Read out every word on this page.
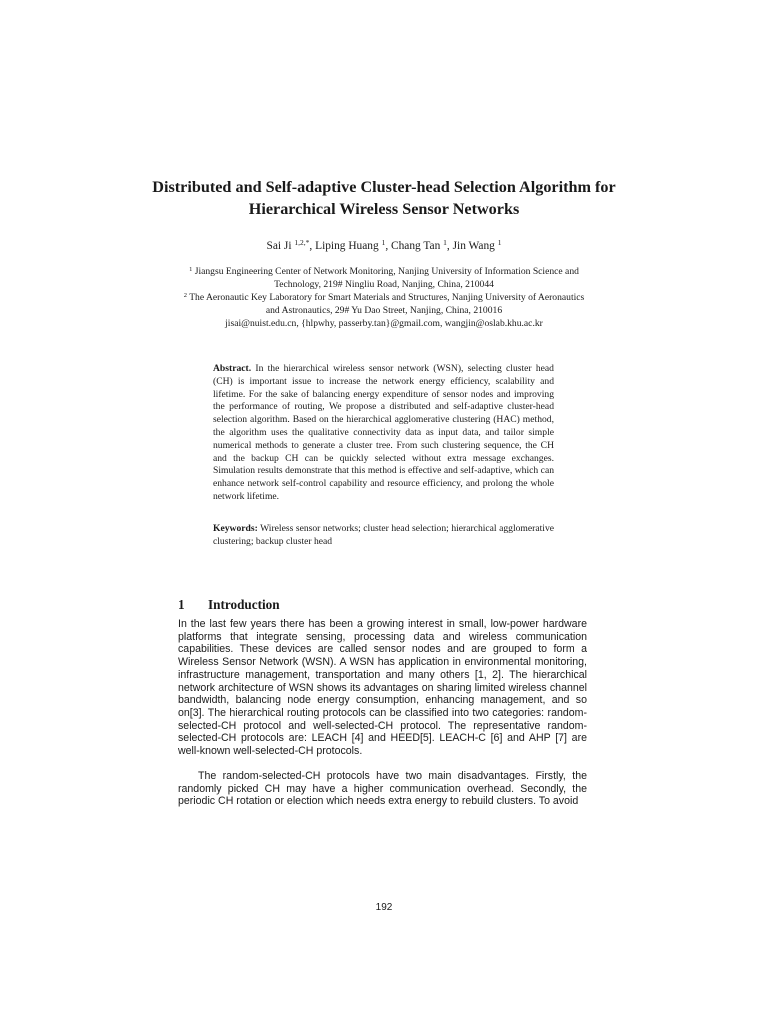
Distributed and Self-adaptive Cluster-head Selection Algorithm for Hierarchical Wireless Sensor Networks
Sai Ji $^{1,2,*}$, Liping Huang $^1$, Chang Tan $^1$, Jin Wang $^1$
$^1$ Jiangsu Engineering Center of Network Monitoring, Nanjing University of Information Science and Technology, 219# Ningliu Road, Nanjing, China, 210044
$^2$ The Aeronautic Key Laboratory for Smart Materials and Structures, Nanjing University of Aeronautics and Astronautics, 29# Yu Dao Street, Nanjing, China, 210016
jisai@nuist.edu.cn, {hlpwhy, passerby.tan}@gmail.com, wangjin@oslab.khu.ac.kr

Abstract. In the hierarchical wireless sensor network (WSN), selecting cluster head (CH) is important issue to increase the network energy efficiency, scalability and lifetime. For the sake of balancing energy expenditure of sensor nodes and improving the performance of routing, We propose a distributed and self-adaptive cluster-head selection algorithm. Based on the hierarchical agglomerative clustering (HAC) method, the algorithm uses the qualitative connectivity data as input data, and tailor simple numerical methods to generate a cluster tree. From such clustering sequence, the CH and the backup CH can be quickly selected without extra message exchanges. Simulation results demonstrate that this method is effective and self-adaptive, which can enhance network self-control capability and resource efficiency, and prolong the whole network lifetime.

Keywords: Wireless sensor networks; cluster head selection; hierarchical agglomerative clustering; backup cluster head

1 Introduction

In the last few years there has been a growing interest in small, low-power hardware platforms that integrate sensing, processing data and wireless communication capabilities. These devices are called sensor nodes and are grouped to form a Wireless Sensor Network (WSN). A WSN has application in environmental monitoring, infrastructure management, transportation and many others [1, 2]. The hierarchical network architecture of WSN shows its advantages on sharing limited wireless channel bandwidth, balancing node energy consumption, enhancing management, and so on[3]. The hierarchical routing protocols can be classified into two categories: random-selected-CH protocol and well-selected-CH protocol. The representative random-selected-CH protocols are: LEACH [4] and HEED[5]. LEACH-C [6] and AHP [7] are well-known well-selected-CH protocols.

The random-selected-CH protocols have two main disadvantages. Firstly, the randomly picked CH may have a higher communication overhead. Secondly, the periodic CH rotation or election which needs extra energy to rebuild clusters. To avoid

192
